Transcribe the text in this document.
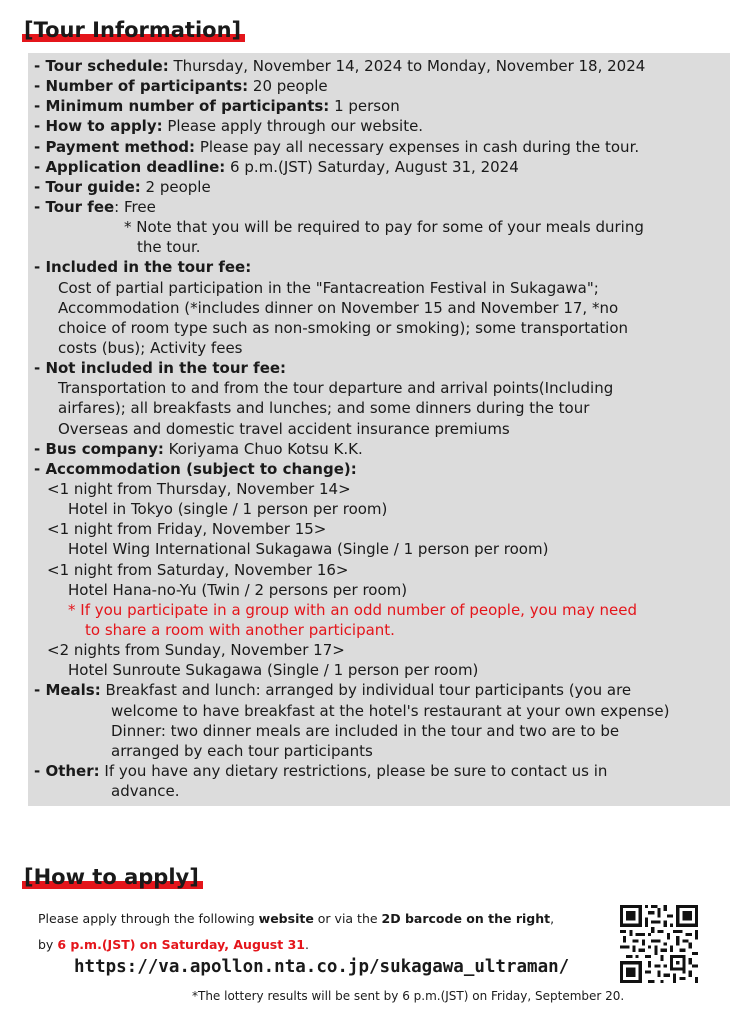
[Tour Information]
- Tour schedule: Thursday, November 14, 2024 to Monday, November 18, 2024
- Number of participants: 20 people
- Minimum number of participants: 1 person
- How to apply: Please apply through our website.
- Payment method: Please pay all necessary expenses in cash during the tour.
- Application deadline: 6 p.m.(JST) Saturday, August 31, 2024
- Tour guide: 2 people
- Tour fee: Free
* Note that you will be required to pay for some of your meals during
the tour.
- Included in the tour fee:
Cost of partial participation in the "Fantacreation Festival in Sukagawa";
Accommodation (*includes dinner on November 15 and November 17, *no
choice of room type such as non-smoking or smoking); some transportation
costs (bus); Activity fees
- Not included in the tour fee:
Transportation to and from the tour departure and arrival points(Including
airfares); all breakfasts and lunches; and some dinners during the tour
Overseas and domestic travel accident insurance premiums
- Bus company: Koriyama Chuo Kotsu K.K.
- Accommodation (subject to change):
<1 night from Thursday, November 14>
Hotel in Tokyo (single / 1 person per room)
<1 night from Friday, November 15>
Hotel Wing International Sukagawa (Single / 1 person per room)
<1 night from Saturday, November 16>
Hotel Hana-no-Yu (Twin / 2 persons per room)
* If you participate in a group with an odd number of people, you may need
to share a room with another participant.
<2 nights from Sunday, November 17>
Hotel Sunroute Sukagawa (Single / 1 person per room)
- Meals: Breakfast and lunch: arranged by individual tour participants (you are
welcome to have breakfast at the hotel's restaurant at your own expense)
Dinner: two dinner meals are included in the tour and two are to be
arranged by each tour participants
- Other: If you have any dietary restrictions, please be sure to contact us in
advance.
[How to apply]
Please apply through the following website or via the 2D barcode on the right,
by 6 p.m.(JST) on Saturday, August 31.
https://va.apollon.nta.co.jp/sukagawa_ultraman/
*The lottery results will be sent by 6 p.m.(JST) on Friday, September 20.
